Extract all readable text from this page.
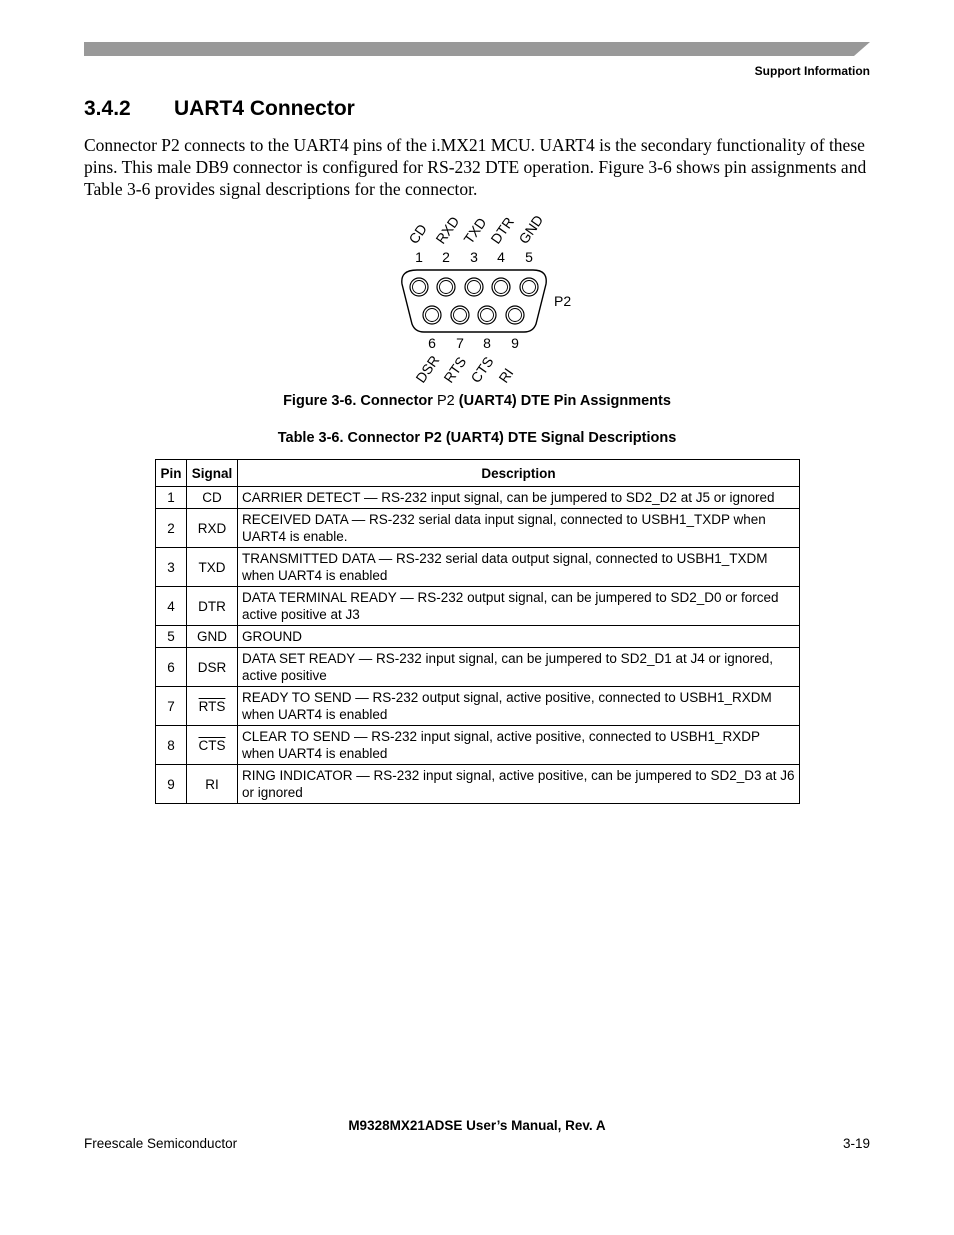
Support Information
3.4.2 UART4 Connector
Connector P2 connects to the UART4 pins of the i.MX21 MCU. UART4 is the secondary functionality of these pins. This male DB9 connector is configured for RS-232 DTE operation. Figure 3-6 shows pin assignments and Table 3-6 provides signal descriptions for the connector.
CD RXD
TXD
DTR
GND
1 2 3 4 5
P2
6 7 8 9
DSR
RTS
CTS
RI
Figure 3-6. Connector P2 (UART4) DTE Pin Assignments
Table 3-6. Connector P2 (UART4) DTE Signal Descriptions
Pin	Signal	Description
1	CD	CARRIER DETECT — RS-232 input signal, can be jumpered to SD2_D2 at J5 or ignored
2	RXD	RECEIVED DATA — RS-232 serial data input signal, connected to USBH1_TXDP when UART4 is enable.
3	TXD	TRANSMITTED DATA — RS-232 serial data output signal, connected to USBH1_TXDM when UART4 is enabled
4	DTR	DATA TERMINAL READY — RS-232 output signal, can be jumpered to SD2_D0 or forced active positive at J3
5	GND	GROUND
6	DSR	DATA SET READY — RS-232 input signal, can be jumpered to SD2_D1 at J4 or ignored, active positive
7	$\overline{RTS}$	READY TO SEND — RS-232 output signal, active positive, connected to USBH1_RXDM when UART4 is enabled
8	$\overline{CTS}$	CLEAR TO SEND — RS-232 input signal, active positive, connected to USBH1_RXDP when UART4 is enabled
9	RI	RING INDICATOR — RS-232 input signal, active positive, can be jumpered to SD2_D3 at J6 or ignored
M9328MX21ADSE User’s Manual, Rev. A
Freescale Semiconductor	3-19
